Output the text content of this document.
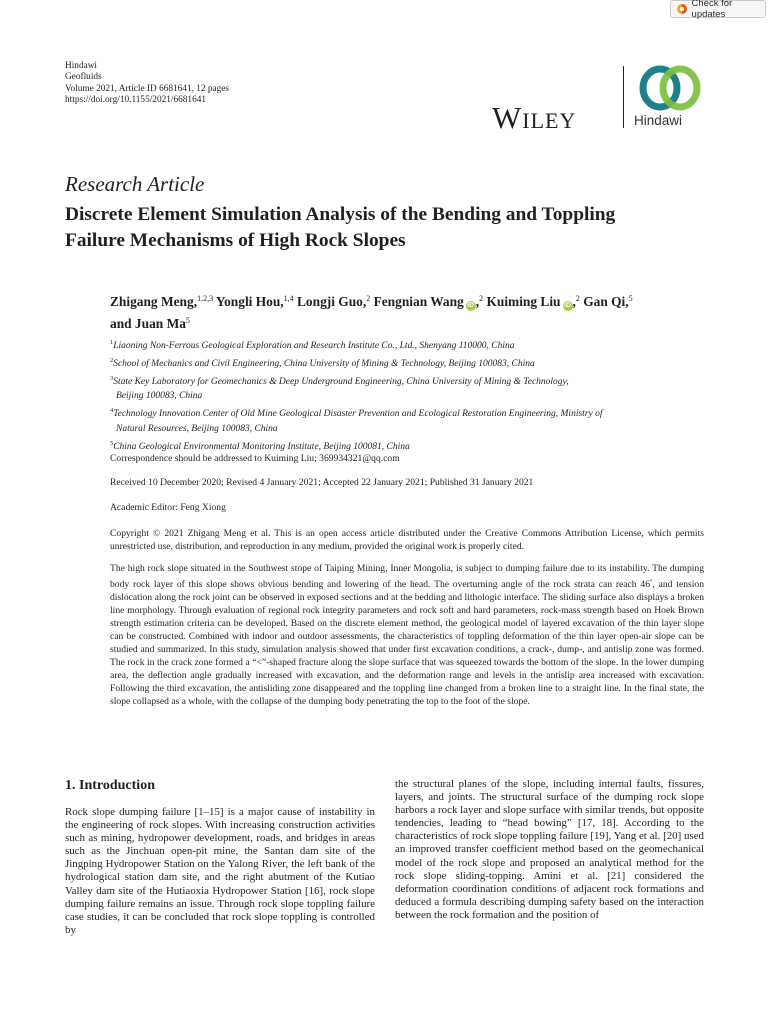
Check for updates
Hindawi
Geofluids
Volume 2021, Article ID 6681641, 12 pages
https://doi.org/10.1155/2021/6681641	Wiley	Hindawi
Research Article
Discrete Element Simulation Analysis of the Bending and Toppling Failure Mechanisms of High Rock Slopes
Zhigang Meng,$^{1,2,3}$ Yongli Hou,$^{1,4}$ Longji Guo,$^2$ Fengnian Wang iD ,$^2$ Kuiming Liu iD ,$^2$ Gan Qi,$^5$
and Juan Ma$^5$
$^1$Liaoning Non-Ferrous Geological Exploration and Research Institute Co., Ltd., Shenyang 110000, China
$^2$School of Mechanics and Civil Engineering, China University of Mining & Technology, Beijing 100083, China
$^3$State Key Laboratory for Geomechanics & Deep Underground Engineering, China University of Mining & Technology,
Beijing 100083, China
$^4$Technology Innovation Center of Old Mine Geological Disaster Prevention and Ecological Restoration Engineering, Ministry of
Natural Resources, Beijing 100083, China
$^5$China Geological Environmental Monitoring Institute, Beijing 100081, China
Correspondence should be addressed to Kuiming Liu; 369934321@qq.com
Received 10 December 2020; Revised 4 January 2021; Accepted 22 January 2021; Published 31 January 2021
Academic Editor: Feng Xiong
Copyright © 2021 Zhigang Meng et al. This is an open access article distributed under the Creative Commons Attribution License, which permits unrestricted use, distribution, and reproduction in any medium, provided the original work is properly cited.
The high rock slope situated in the Southwest stope of Taiping Mining, Inner Mongolia, is subject to dumping failure due to its instability. The dumping body rock layer of this slope shows obvious bending and lowering of the head. The overturning angle of the rock strata can reach 46°, and tension dislocation along the rock joint can be observed in exposed sections and at the bedding and lithologic interface. The sliding surface also displays a broken line morphology. Through evaluation of regional rock integrity parameters and rock soft and hard parameters, rock-mass strength based on Hoek Brown strength estimation criteria can be developed. Based on the discrete element method, the geological model of layered excavation of the thin layer slope can be constructed. Combined with indoor and outdoor assessments, the characteristics of toppling deformation of the thin layer open-air slope can be studied and summarized. In this study, simulation analysis showed that under first excavation conditions, a crack-, dump-, and antislip zone was formed. The rock in the crack zone formed a “<”-shaped fracture along the slope surface that was squeezed towards the bottom of the slope. In the lower dumping area, the deflection angle gradually increased with excavation, and the deformation range and levels in the antislip area increased with excavation. Following the third excavation, the antisliding zone disappeared and the toppling line changed from a broken line to a straight line. In the final state, the slope collapsed as a whole, with the collapse of the dumping body penetrating the top to the foot of the slope.
1. Introduction
Rock slope dumping failure [1–15] is a major cause of instability in the engineering of rock slopes. With increasing construction activities such as mining, hydropower development, roads, and bridges in areas such as the Jinchuan open-pit mine, the Santan dam site of the Jingping Hydropower Station on the Yalong River, the left bank of the hydrological station dam site, and the right abutment of the Kutiao Valley dam site of the Hutiaoxia Hydropower Station [16], rock slope dumping failure remains an issue. Through rock slope toppling failure case studies, it can be concluded that rock slope toppling is controlled by
the structural planes of the slope, including internal faults, fissures, layers, and joints. The structural surface of the dumping rock slope harbors a rock layer and slope surface with similar trends, but opposite tendencies, leading to “head bowing” [17, 18]. According to the characteristics of rock slope toppling failure [19], Yang et al. [20] used an improved transfer coefficient method based on the geomechanical model of the rock slope and proposed an analytical method for the rock slope sliding-topping. Amini et al. [21] considered the deformation coordination conditions of adjacent rock formations and deduced a formula describing dumping safety based on the interaction between the rock formation and the position of
